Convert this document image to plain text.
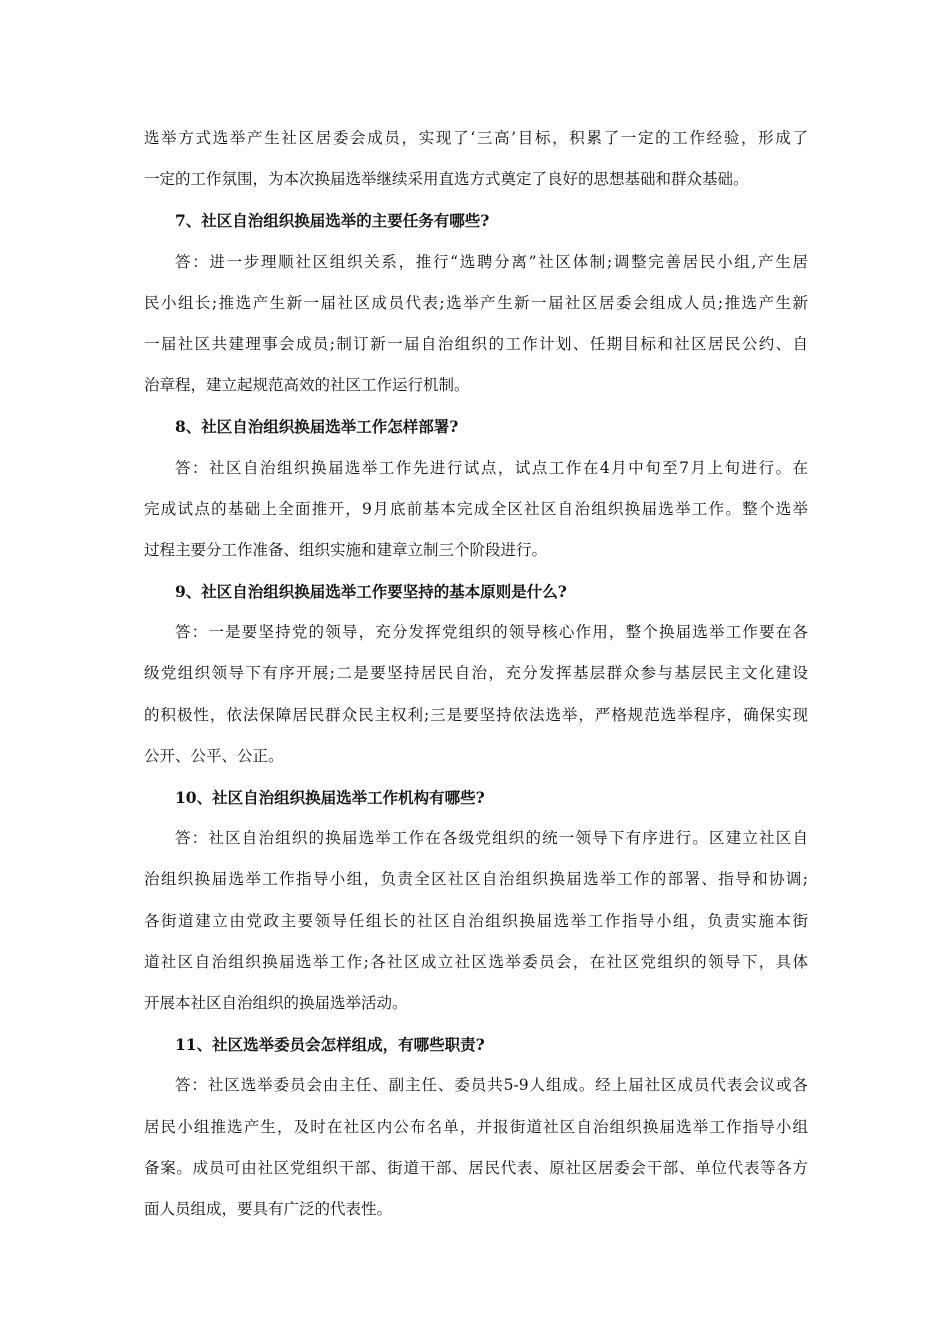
选举方式选举产生社区居委会成员，实现了‘三高’目标，积累了一定的工作经验，形成了
一定的工作氛围，为本次换届选举继续采用直选方式奠定了良好的思想基础和群众基础。
7、社区自治组织换届选举的主要任务有哪些?
答：进一步理顺社区组织关系，推行“选聘分离”社区体制;调整完善居民小组,产生居
民小组长;推选产生新一届社区成员代表;选举产生新一届社区居委会组成人员;推选产生新
一届社区共建理事会成员;制订新一届自治组织的工作计划、任期目标和社区居民公约、自
治章程，建立起规范高效的社区工作运行机制。
8、社区自治组织换届选举工作怎样部署?
答：社区自治组织换届选举工作先进行试点，试点工作在4月中旬至7月上旬进行。在
完成试点的基础上全面推开，9月底前基本完成全区社区自治组织换届选举工作。整个选举
过程主要分工作准备、组织实施和建章立制三个阶段进行。
9、社区自治组织换届选举工作要坚持的基本原则是什么?
答：一是要坚持党的领导，充分发挥党组织的领导核心作用，整个换届选举工作要在各
级党组织领导下有序开展;二是要坚持居民自治，充分发挥基层群众参与基层民主文化建设
的积极性，依法保障居民群众民主权利;三是要坚持依法选举，严格规范选举程序，确保实现
公开、公平、公正。
10、社区自治组织换届选举工作机构有哪些?
答：社区自治组织的换届选举工作在各级党组织的统一领导下有序进行。区建立社区自
治组织换届选举工作指导小组，负责全区社区自治组织换届选举工作的部署、指导和协调;
各街道建立由党政主要领导任组长的社区自治组织换届选举工作指导小组，负责实施本街
道社区自治组织换届选举工作;各社区成立社区选举委员会，在社区党组织的领导下，具体
开展本社区自治组织的换届选举活动。
11、社区选举委员会怎样组成，有哪些职责?
答：社区选举委员会由主任、副主任、委员共5-9人组成。经上届社区成员代表会议或各
居民小组推选产生，及时在社区内公布名单，并报街道社区自治组织换届选举工作指导小组
备案。成员可由社区党组织干部、街道干部、居民代表、原社区居委会干部、单位代表等各方
面人员组成，要具有广泛的代表性。
